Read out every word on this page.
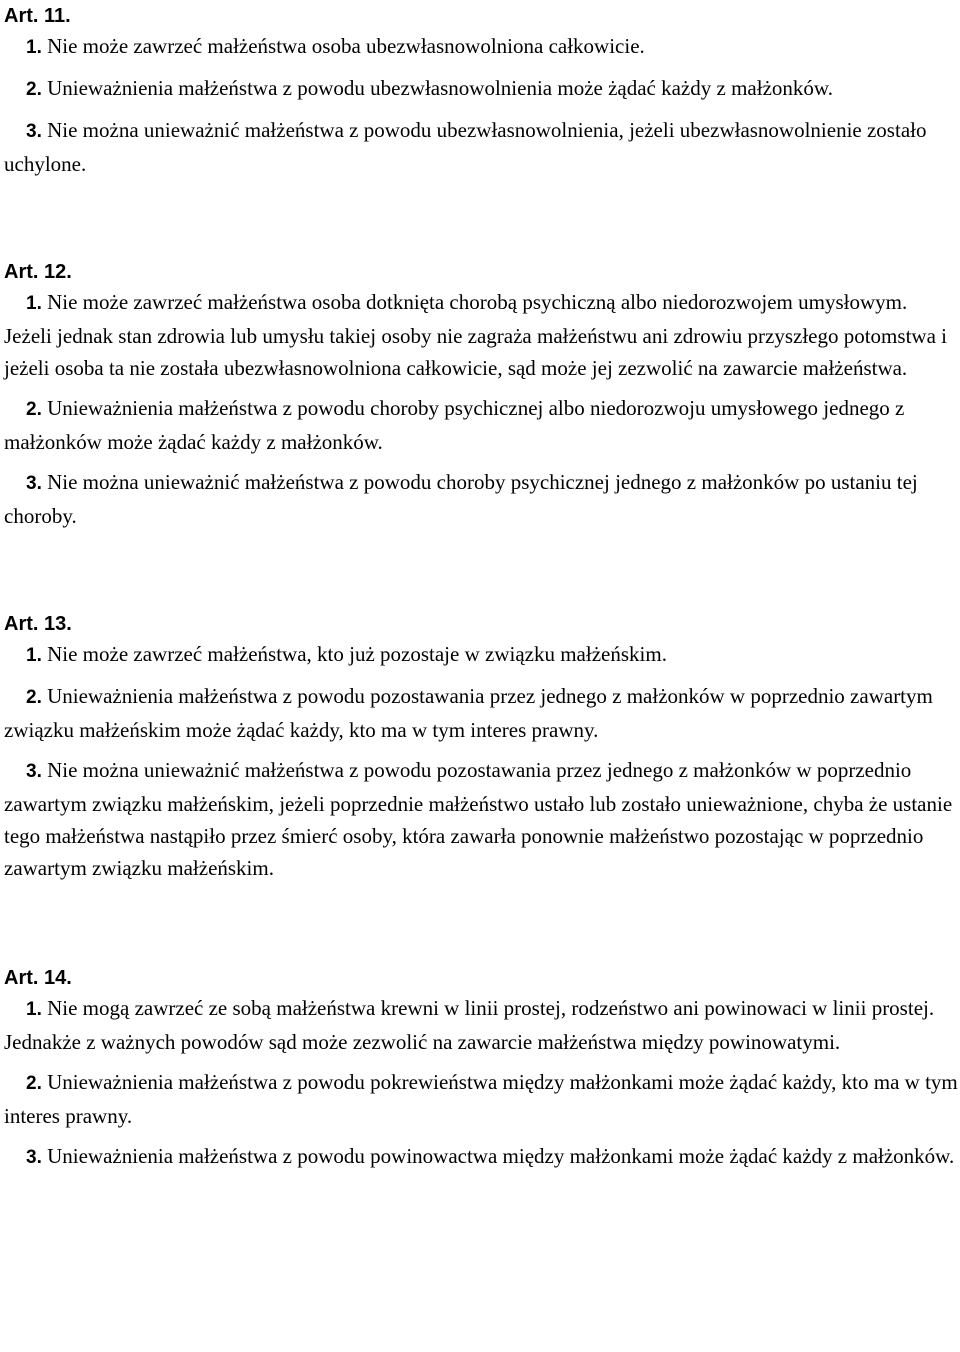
Art. 11.

1. Nie może zawrzeć małżeństwa osoba ubezwłasnowolniona całkowicie.

2. Unieważnienia małżeństwa z powodu ubezwłasnowolnienia może żądać każdy z małżonków.

3. Nie można unieważnić małżeństwa z powodu ubezwłasnowolnienia, jeżeli ubezwłasnowolnienie zostało uchylone.

Art. 12.

1. Nie może zawrzeć małżeństwa osoba dotknięta chorobą psychiczną albo niedorozwojem umysłowym. Jeżeli jednak stan zdrowia lub umysłu takiej osoby nie zagraża małżeństwu ani zdrowiu przyszłego potomstwa i jeżeli osoba ta nie została ubezwłasnowolniona całkowicie, sąd może jej zezwolić na zawarcie małżeństwa.

2. Unieważnienia małżeństwa z powodu choroby psychicznej albo niedorozwoju umysłowego jednego z małżonków może żądać każdy z małżonków.

3. Nie można unieważnić małżeństwa z powodu choroby psychicznej jednego z małżonków po ustaniu tej choroby.

Art. 13.

1. Nie może zawrzeć małżeństwa, kto już pozostaje w związku małżeńskim.

2. Unieważnienia małżeństwa z powodu pozostawania przez jednego z małżonków w poprzednio zawartym związku małżeńskim może żądać każdy, kto ma w tym interes prawny.

3. Nie można unieważnić małżeństwa z powodu pozostawania przez jednego z małżonków w poprzednio zawartym związku małżeńskim, jeżeli poprzednie małżeństwo ustało lub zostało unieważnione, chyba że ustanie tego małżeństwa nastąpiło przez śmierć osoby, która zawarła ponownie małżeństwo pozostając w poprzednio zawartym związku małżeńskim.

Art. 14.

1. Nie mogą zawrzeć ze sobą małżeństwa krewni w linii prostej, rodzeństwo ani powinowaci w linii prostej. Jednakże z ważnych powodów sąd może zezwolić na zawarcie małżeństwa między powinowatymi.

2. Unieważnienia małżeństwa z powodu pokrewieństwa między małżonkami może żądać każdy, kto ma w tym interes prawny.

3. Unieważnienia małżeństwa z powodu powinowactwa między małżonkami może żądać każdy z małżonków.
